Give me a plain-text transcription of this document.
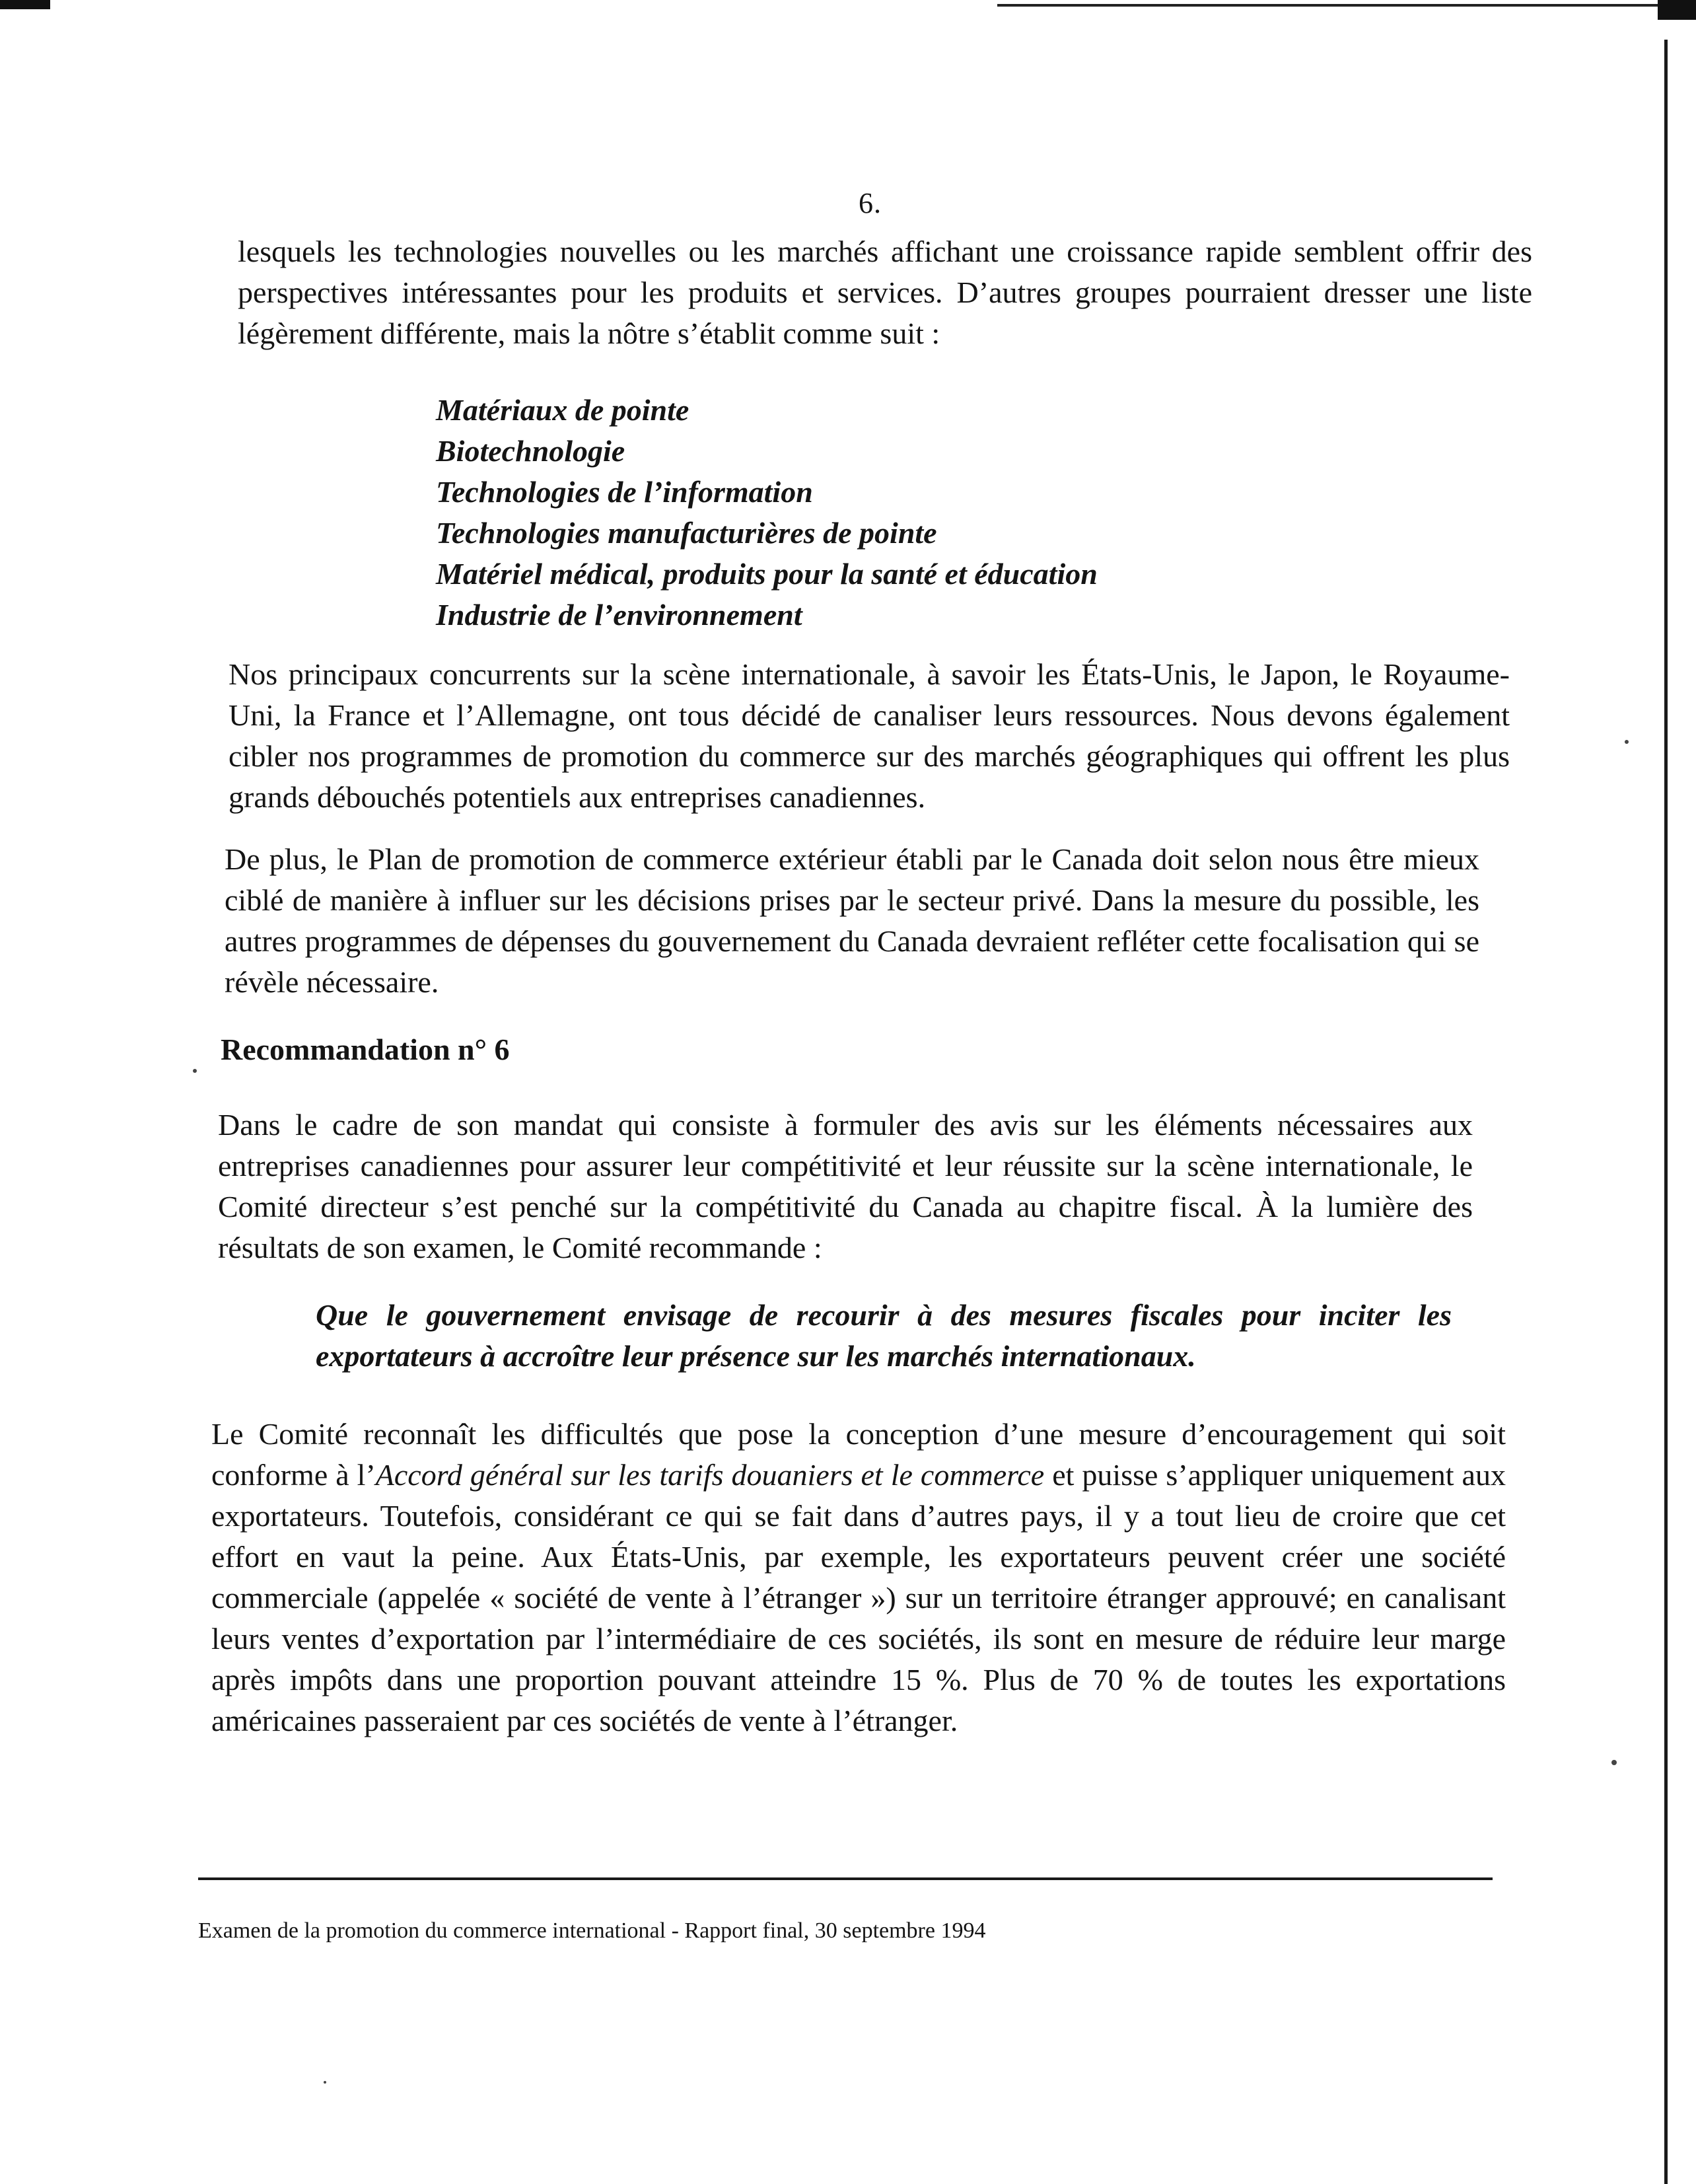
6.
lesquels les technologies nouvelles ou les marchés affichant une croissance rapide semblent offrir des perspectives intéressantes pour les produits et services. D’autres groupes pourraient dresser une liste légèrement différente, mais la nôtre s’établit comme suit :
Matériaux de pointe
Biotechnologie
Technologies de l’information
Technologies manufacturières de pointe
Matériel médical, produits pour la santé et éducation
Industrie de l’environnement
Nos principaux concurrents sur la scène internationale, à savoir les États-Unis, le Japon, le Royaume-Uni, la France et l’Allemagne, ont tous décidé de canaliser leurs ressources. Nous devons également cibler nos programmes de promotion du commerce sur des marchés géographiques qui offrent les plus grands débouchés potentiels aux entreprises canadiennes.
De plus, le Plan de promotion de commerce extérieur établi par le Canada doit selon nous être mieux ciblé de manière à influer sur les décisions prises par le secteur privé. Dans la mesure du possible, les autres programmes de dépenses du gouvernement du Canada devraient refléter cette focalisation qui se révèle nécessaire.
Recommandation n° 6
Dans le cadre de son mandat qui consiste à formuler des avis sur les éléments nécessaires aux entreprises canadiennes pour assurer leur compétitivité et leur réussite sur la scène internationale, le Comité directeur s’est penché sur la compétitivité du Canada au chapitre fiscal. À la lumière des résultats de son examen, le Comité recommande :
Que le gouvernement envisage de recourir à des mesures fiscales pour inciter les exportateurs à accroître leur présence sur les marchés internationaux.
Le Comité reconnaît les difficultés que pose la conception d’une mesure d’encouragement qui soit conforme à l’Accord général sur les tarifs douaniers et le commerce et puisse s’appliquer uniquement aux exportateurs. Toutefois, considérant ce qui se fait dans d’autres pays, il y a tout lieu de croire que cet effort en vaut la peine. Aux États-Unis, par exemple, les exportateurs peuvent créer une société commerciale (appelée « société de vente à l’étranger ») sur un territoire étranger approuvé; en canalisant leurs ventes d’exportation par l’intermédiaire de ces sociétés, ils sont en mesure de réduire leur marge après impôts dans une proportion pouvant atteindre 15 %. Plus de 70 % de toutes les exportations américaines passeraient par ces sociétés de vente à l’étranger.
Examen de la promotion du commerce international - Rapport final, 30 septembre 1994
